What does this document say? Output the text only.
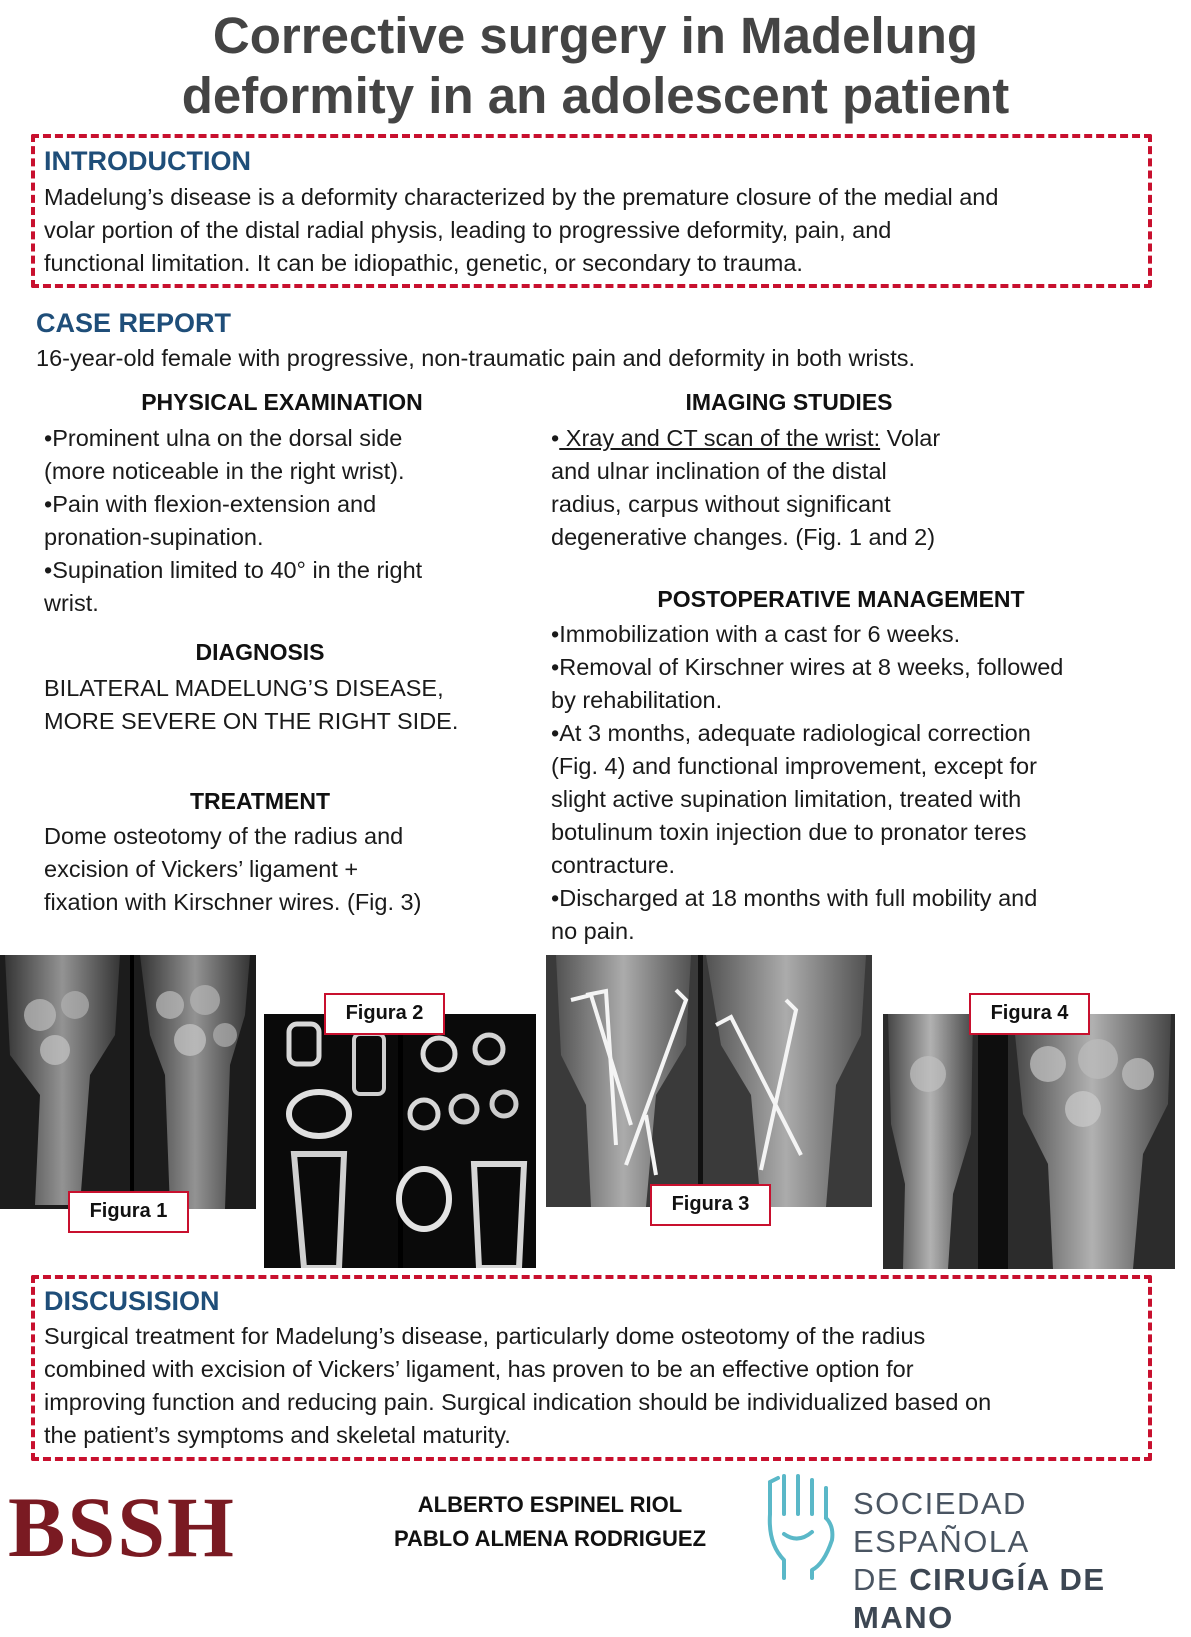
Corrective surgery in Madelung
deformity in an adolescent patient
INTRODUCTION
Madelung’s disease is a deformity characterized by the premature closure of the medial and
volar portion of the distal radial physis, leading to progressive deformity, pain, and
functional limitation. It can be idiopathic, genetic, or secondary to trauma.
CASE REPORT
16-year-old female with progressive, non-traumatic pain and deformity in both wrists.
PHYSICAL EXAMINATION
•Prominent ulna on the dorsal side
(more noticeable in the right wrist).
•Pain with flexion-extension and
pronation-supination.
•Supination limited to 40° in the right
wrist.
DIAGNOSIS
BILATERAL MADELUNG’S DISEASE,
MORE SEVERE ON THE RIGHT SIDE.
TREATMENT
Dome osteotomy of the radius and
excision of Vickers’ ligament +
fixation with Kirschner wires. (Fig. 3)
IMAGING STUDIES
• Xray and CT scan of the wrist: Volar
and ulnar inclination of the distal
radius, carpus without significant
degenerative changes. (Fig. 1 and 2)
POSTOPERATIVE MANAGEMENT
•Immobilization with a cast for 6 weeks.
•Removal of Kirschner wires at 8 weeks, followed
by rehabilitation.
•At 3 months, adequate radiological correction
(Fig. 4) and functional improvement, except for
slight active supination limitation, treated with
botulinum toxin injection due to pronator teres
contracture.
•Discharged at 18 months with full mobility and
no pain.
Figura 1
Figura 2
Figura 3
Figura 4
DISCUSISION
Surgical treatment for Madelung’s disease, particularly dome osteotomy of the radius
combined with excision of Vickers’ ligament, has proven to be an effective option for
improving function and reducing pain. Surgical indication should be individualized based on
the patient’s symptoms and skeletal maturity.
BSSH	ALBERTO ESPINEL RIOL
PABLO ALMENA RODRIGUEZ
SOCIEDAD ESPAÑOLA
DE CIRUGÍA DE MANO
